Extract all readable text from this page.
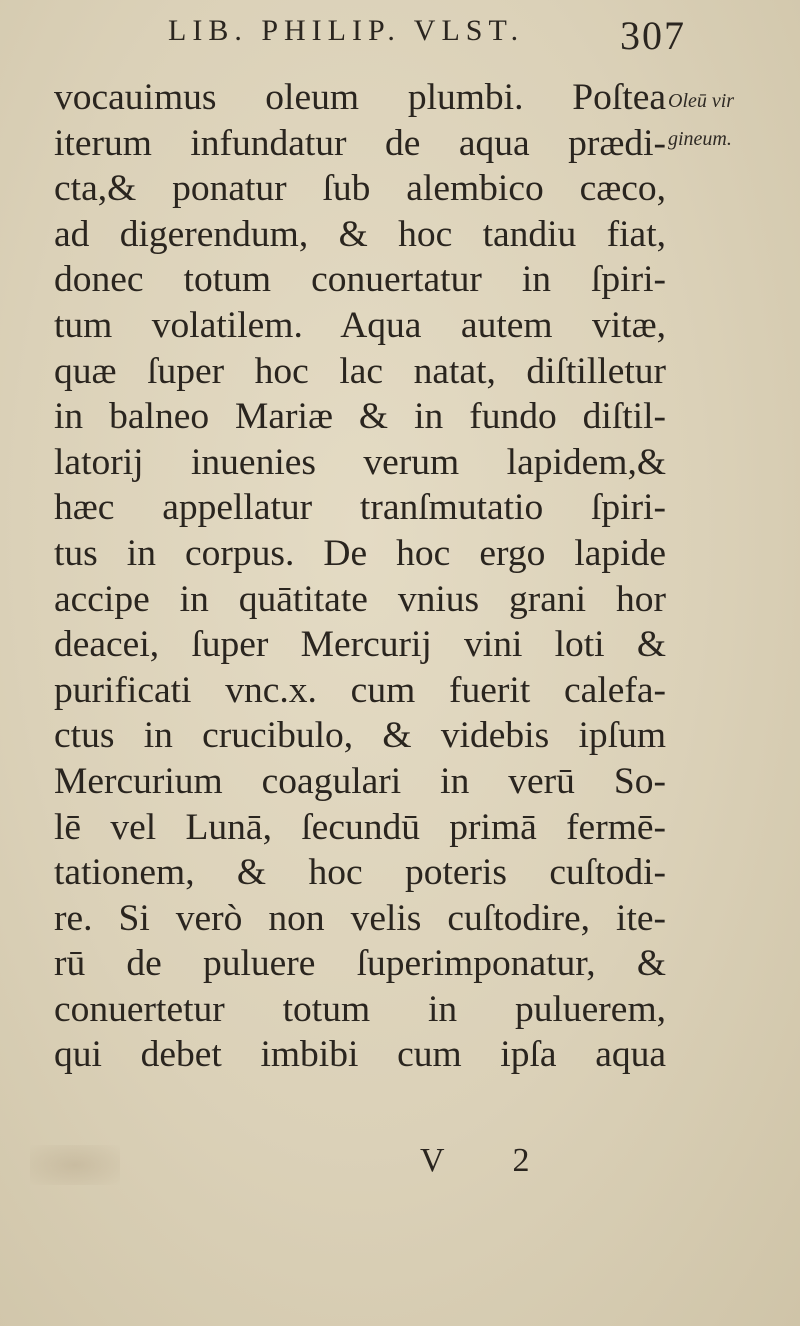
LIB. PHILIP. VLST. 307
Oleū vir
gineum.
vocauimus oleum plumbi. Poſtea
iterum infundatur de aqua prædi-
cta,& ponatur ſub alembico cæco,
ad digerendum, & hoc tandiu fiat,
donec totum conuertatur in ſpiri-
tum volatilem. Aqua autem vitæ,
quæ ſuper hoc lac natat, diſtilletur
in balneo Mariæ & in fundo diſtil-
latorij inuenies verum lapidem,&
hæc appellatur tranſmutatio ſpiri-
tus in corpus. De hoc ergo lapide
accipe in quātitate vnius grani hor
deacei, ſuper Mercurij vini loti &
purificati vnc.x. cum fuerit calefa-
ctus in crucibulo, & videbis ipſum
Mercurium coagulari in verū So-
lē vel Lunā, ſecundū primā fermē-
tationem, & hoc poteris cuſtodi-
re. Si verò non velis cuſtodire, ite-
rū de puluere ſuperimponatur, &
conuertetur totum in puluerem,
qui debet imbibi cum ipſa aqua
V 2
